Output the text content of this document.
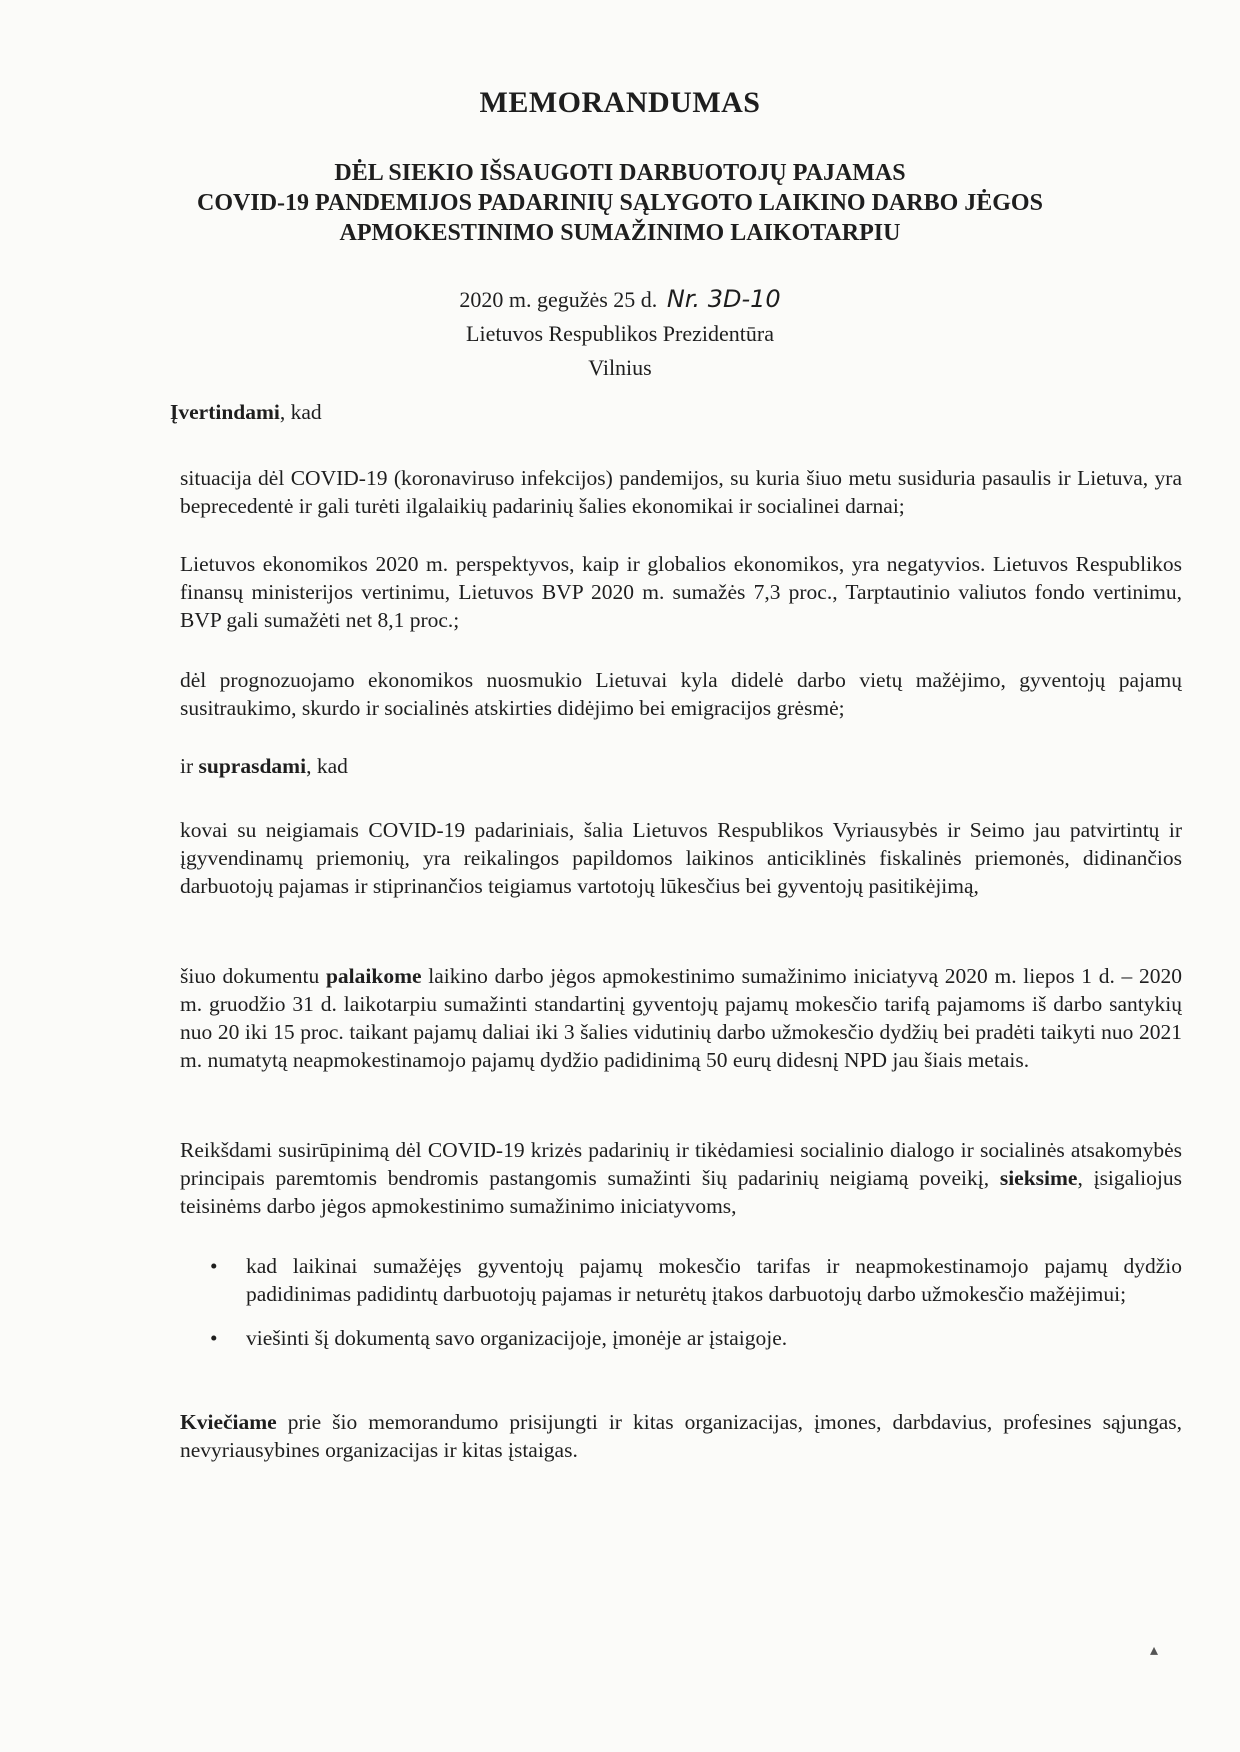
MEMORANDUMAS
DĖL SIEKIO IŠSAUGOTI DARBUOTOJŲ PAJAMAS
COVID-19 PANDEMIJOS PADARINIŲ SĄLYGOTO LAIKINO DARBO JĖGOS
APMOKESTINIMO SUMAŽINIMO LAIKOTARPIU
2020 m. gegužės 25 d. Nr. 3D-10
Lietuvos Respublikos Prezidentūra
Vilnius

Įvertindami, kad

situacija dėl COVID-19 (koronaviruso infekcijos) pandemijos, su kuria šiuo metu susiduria pasaulis ir Lietuva, yra beprecedentė ir gali turėti ilgalaikių padarinių šalies ekonomikai ir socialinei darnai;

Lietuvos ekonomikos 2020 m. perspektyvos, kaip ir globalios ekonomikos, yra negatyvios. Lietuvos Respublikos finansų ministerijos vertinimu, Lietuvos BVP 2020 m. sumažės 7,3 proc., Tarptautinio valiutos fondo vertinimu, BVP gali sumažėti net 8,1 proc.;

dėl prognozuojamo ekonomikos nuosmukio Lietuvai kyla didelė darbo vietų mažėjimo, gyventojų pajamų susitraukimo, skurdo ir socialinės atskirties didėjimo bei emigracijos grėsmė;

ir suprasdami, kad

kovai su neigiamais COVID-19 padariniais, šalia Lietuvos Respublikos Vyriausybės ir Seimo jau patvirtintų ir įgyvendinamų priemonių, yra reikalingos papildomos laikinos anticiklinės fiskalinės priemonės, didinančios darbuotojų pajamas ir stiprinančios teigiamus vartotojų lūkesčius bei gyventojų pasitikėjimą,

šiuo dokumentu palaikome laikino darbo jėgos apmokestinimo sumažinimo iniciatyvą 2020 m. liepos 1 d. – 2020 m. gruodžio 31 d. laikotarpiu sumažinti standartinį gyventojų pajamų mokesčio tarifą pajamoms iš darbo santykių nuo 20 iki 15 proc. taikant pajamų daliai iki 3 šalies vidutinių darbo užmokesčio dydžių bei pradėti taikyti nuo 2021 m. numatytą neapmokestinamojo pajamų dydžio padidinimą 50 eurų didesnį NPD jau šiais metais.

Reikšdami susirūpinimą dėl COVID-19 krizės padarinių ir tikėdamiesi socialinio dialogo ir socialinės atsakomybės principais paremtomis bendromis pastangomis sumažinti šių padarinių neigiamą poveikį, sieksime, įsigaliojus teisinėms darbo jėgos apmokestinimo sumažinimo iniciatyvoms,

• kad laikinai sumažėjęs gyventojų pajamų mokesčio tarifas ir neapmokestinamojo pajamų dydžio padidinimas padidintų darbuotojų pajamas ir neturėtų įtakos darbuotojų darbo užmokesčio mažėjimui;
• viešinti šį dokumentą savo organizacijoje, įmonėje ar įstaigoje.

Kviečiame prie šio memorandumo prisijungti ir kitas organizacijas, įmones, darbdavius, profesines sąjungas, nevyriausybines organizacijas ir kitas įstaigas.

▴
